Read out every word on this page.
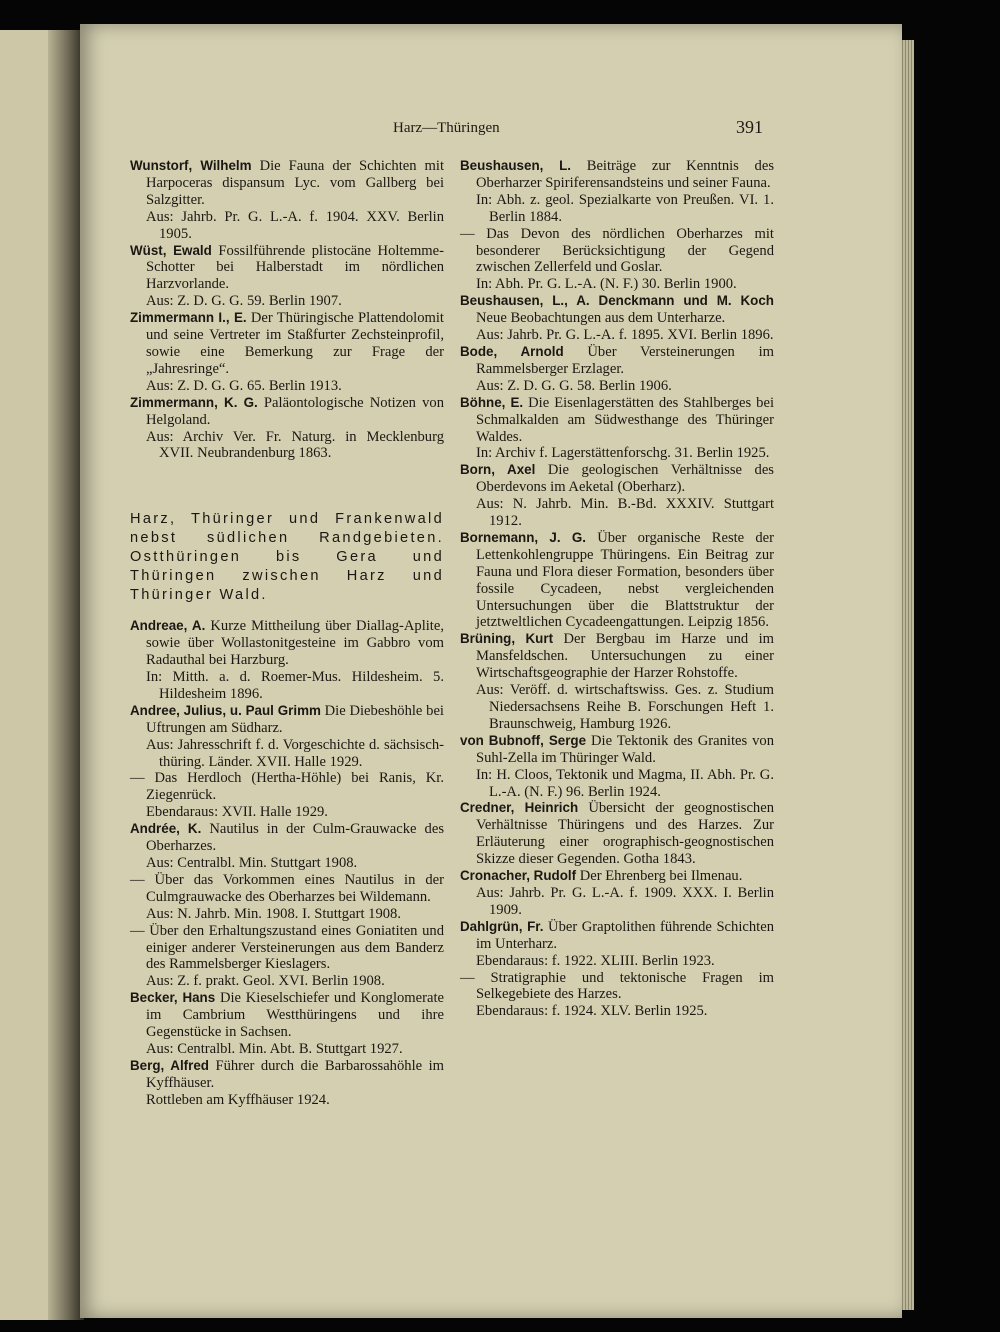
Harz—Thüringen	391

Wunstorf, Wilhelm Die Fauna der Schichten mit Harpoceras dispansum Lyc. vom Gallberg bei Salzgitter.

Aus: Jahrb. Pr. G. L.-A. f. 1904. XXV. Berlin 1905.

Wüst, Ewald Fossilführende plistocäne Holtemme-Schotter bei Halberstadt im nördlichen Harzvorlande.

Aus: Z. D. G. G. 59. Berlin 1907.

Zimmermann I., E. Der Thüringische Plattendolomit und seine Vertreter im Staßfurter Zechsteinprofil, sowie eine Bemerkung zur Frage der „Jahresringe“.

Aus: Z. D. G. G. 65. Berlin 1913.

Zimmermann, K. G. Paläontologische Notizen von Helgoland.

Aus: Archiv Ver. Fr. Naturg. in Mecklenburg XVII. Neubrandenburg 1863.

Harz, Thüringer und Frankenwald nebst südlichen Randgebieten. Ostthüringen bis Gera und Thüringen zwischen Harz und Thüringer Wald.

Andreae, A. Kurze Mittheilung über Diallag-Aplite, sowie über Wollastonitgesteine im Gabbro vom Radauthal bei Harzburg.

In: Mitth. a. d. Roemer-Mus. Hildesheim. 5. Hildesheim 1896.

Andree, Julius, u. Paul Grimm Die Diebeshöhle bei Uftrungen am Südharz.

Aus: Jahresschrift f. d. Vorgeschichte d. sächsisch-thüring. Länder. XVII. Halle 1929.

— Das Herdloch (Hertha-Höhle) bei Ranis, Kr. Ziegenrück.

Ebendaraus: XVII. Halle 1929.

Andrée, K. Nautilus in der Culm-Grauwacke des Oberharzes.

Aus: Centralbl. Min. Stuttgart 1908.

— Über das Vorkommen eines Nautilus in der Culmgrauwacke des Oberharzes bei Wildemann.

Aus: N. Jahrb. Min. 1908. I. Stuttgart 1908.

— Über den Erhaltungszustand eines Goniatiten und einiger anderer Versteinerungen aus dem Banderz des Rammelsberger Kieslagers.

Aus: Z. f. prakt. Geol. XVI. Berlin 1908.

Becker, Hans Die Kieselschiefer und Konglomerate im Cambrium Westthüringens und ihre Gegenstücke in Sachsen.

Aus: Centralbl. Min. Abt. B. Stuttgart 1927.

Berg, Alfred Führer durch die Barbarossahöhle im Kyffhäuser.

Rottleben am Kyffhäuser 1924.

Beushausen, L. Beiträge zur Kenntnis des Oberharzer Spiriferensandsteins und seiner Fauna.

In: Abh. z. geol. Spezialkarte von Preußen. VI. 1. Berlin 1884.

— Das Devon des nördlichen Oberharzes mit besonderer Berücksichtigung der Gegend zwischen Zellerfeld und Goslar.

In: Abh. Pr. G. L.-A. (N. F.) 30. Berlin 1900.

Beushausen, L., A. Denckmann und M. Koch Neue Beobachtungen aus dem Unterharze.

Aus: Jahrb. Pr. G. L.-A. f. 1895. XVI. Berlin 1896.

Bode, Arnold Über Versteinerungen im Rammelsberger Erzlager.

Aus: Z. D. G. G. 58. Berlin 1906.

Böhne, E. Die Eisenlagerstätten des Stahlberges bei Schmalkalden am Südwesthange des Thüringer Waldes.

In: Archiv f. Lagerstättenforschg. 31. Berlin 1925.

Born, Axel Die geologischen Verhältnisse des Oberdevons im Aeketal (Oberharz).

Aus: N. Jahrb. Min. B.-Bd. XXXIV. Stuttgart 1912.

Bornemann, J. G. Über organische Reste der Lettenkohlengruppe Thüringens. Ein Beitrag zur Fauna und Flora dieser Formation, besonders über fossile Cycadeen, nebst vergleichenden Untersuchungen über die Blattstruktur der jetztweltlichen Cycadeengattungen. Leipzig 1856.

Brüning, Kurt Der Bergbau im Harze und im Mansfeldschen. Untersuchungen zu einer Wirtschaftsgeographie der Harzer Rohstoffe.

Aus: Veröff. d. wirtschaftswiss. Ges. z. Studium Niedersachsens Reihe B. Forschungen Heft 1. Braunschweig, Hamburg 1926.

von Bubnoff, Serge Die Tektonik des Granites von Suhl-Zella im Thüringer Wald.

In: H. Cloos, Tektonik und Magma, II. Abh. Pr. G. L.-A. (N. F.) 96. Berlin 1924.

Credner, Heinrich Übersicht der geognostischen Verhältnisse Thüringens und des Harzes. Zur Erläuterung einer orographisch-geognostischen Skizze dieser Gegenden. Gotha 1843.

Cronacher, Rudolf Der Ehrenberg bei Ilmenau.

Aus: Jahrb. Pr. G. L.-A. f. 1909. XXX. I. Berlin 1909.

Dahlgrün, Fr. Über Graptolithen führende Schichten im Unterharz.

Ebendaraus: f. 1922. XLIII. Berlin 1923.

— Stratigraphie und tektonische Fragen im Selkegebiete des Harzes.

Ebendaraus: f. 1924. XLV. Berlin 1925.
